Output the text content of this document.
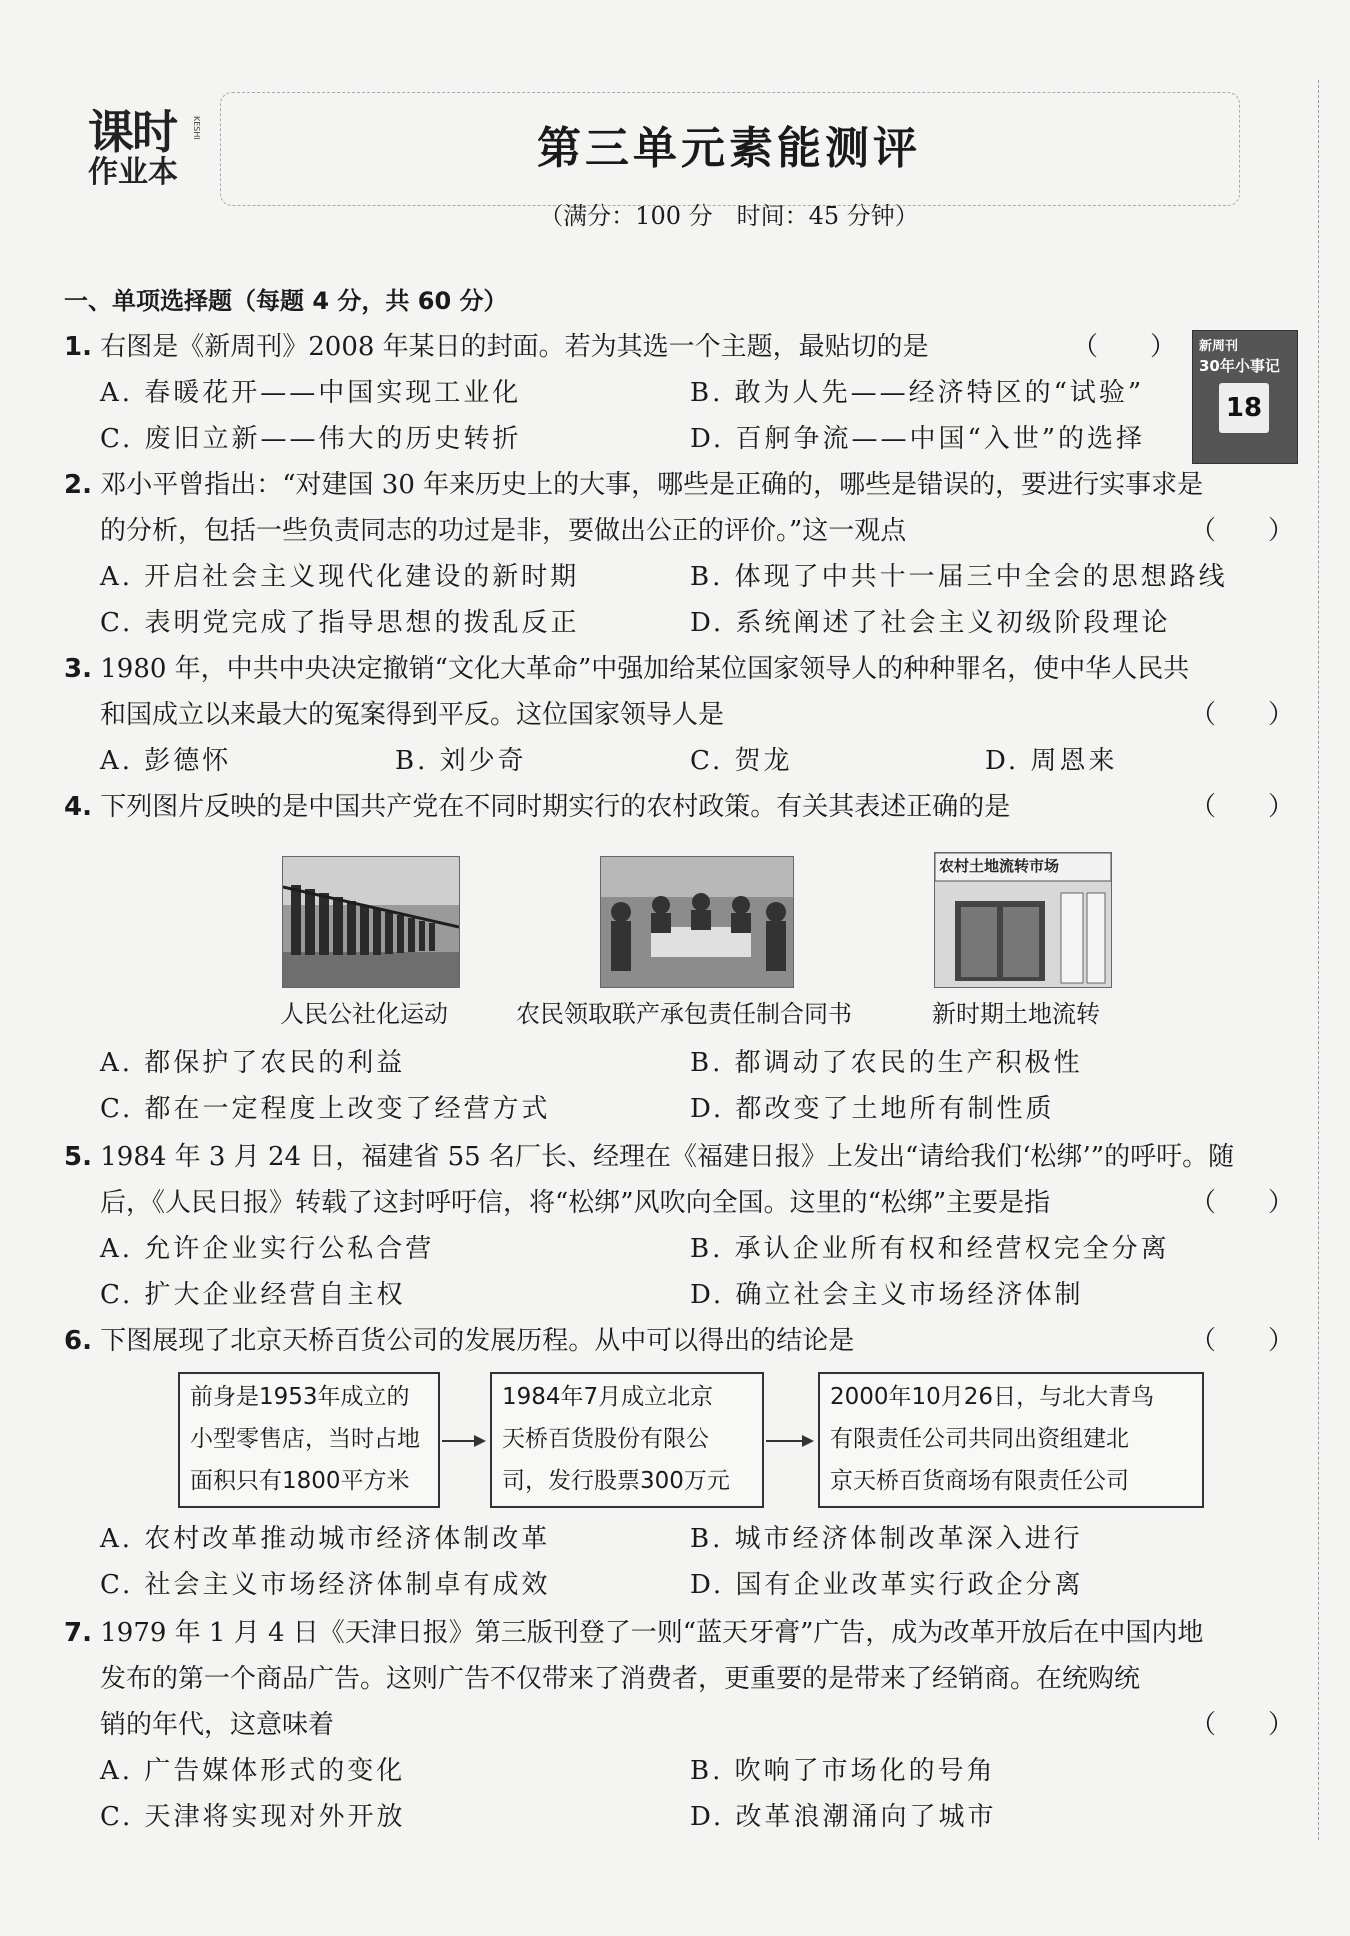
课时
作业本
KESHI	第三单元素能测评
（满分：100 分　时间：45 分钟）
一、单项选择题（每题 4 分，共 60 分）
1. 右图是《新周刊》2008 年某日的封面。若为其选一个主题，最贴切的是	（　　） 新周刊
30年小事记
18
A. 春暖花开——中国实现工业化	B. 敢为人先——经济特区的“试验”
C. 废旧立新——伟大的历史转折	D. 百舸争流——中国“入世”的选择
2. 邓小平曾指出：“对建国 30 年来历史上的大事，哪些是正确的，哪些是错误的，要进行实事求是
的分析，包括一些负责同志的功过是非，要做出公正的评价。”这一观点	（　　）
A. 开启社会主义现代化建设的新时期	B. 体现了中共十一届三中全会的思想路线
C. 表明党完成了指导思想的拨乱反正	D. 系统阐述了社会主义初级阶段理论
3. 1980 年，中共中央决定撤销“文化大革命”中强加给某位国家领导人的种种罪名，使中华人民共
和国成立以来最大的冤案得到平反。这位国家领导人是	（　　）
A. 彭德怀	B. 刘少奇	C. 贺龙	D. 周恩来
4. 下列图片反映的是中国共产党在不同时期实行的农村政策。有关其表述正确的是	（　　）
农村土地流转市场
人民公社化运动	农民领取联产承包责任制合同书	新时期土地流转
A. 都保护了农民的利益	B. 都调动了农民的生产积极性
C. 都在一定程度上改变了经营方式	D. 都改变了土地所有制性质
5. 1984 年 3 月 24 日，福建省 55 名厂长、经理在《福建日报》上发出“请给我们‘松绑’”的呼吁。随
后，《人民日报》转载了这封呼吁信，将“松绑”风吹向全国。这里的“松绑”主要是指	（　　）
A. 允许企业实行公私合营	B. 承认企业所有权和经营权完全分离
C. 扩大企业经营自主权	D. 确立社会主义市场经济体制
6. 下图展现了北京天桥百货公司的发展历程。从中可以得出的结论是	（　　）
前身是1953年成立的
小型零售店，当时占地
面积只有1800平方米
1984年7月成立北京
天桥百货股份有限公
司，发行股票300万元
2000年10月26日，与北大青鸟
有限责任公司共同出资组建北
京天桥百货商场有限责任公司
A. 农村改革推动城市经济体制改革	B. 城市经济体制改革深入进行
C. 社会主义市场经济体制卓有成效	D. 国有企业改革实行政企分离
7. 1979 年 1 月 4 日《天津日报》第三版刊登了一则“蓝天牙膏”广告，成为改革开放后在中国内地
发布的第一个商品广告。这则广告不仅带来了消费者，更重要的是带来了经销商。在统购统
销的年代，这意味着	（　　）
A. 广告媒体形式的变化	B. 吹响了市场化的号角
C. 天津将实现对外开放	D. 改革浪潮涌向了城市
